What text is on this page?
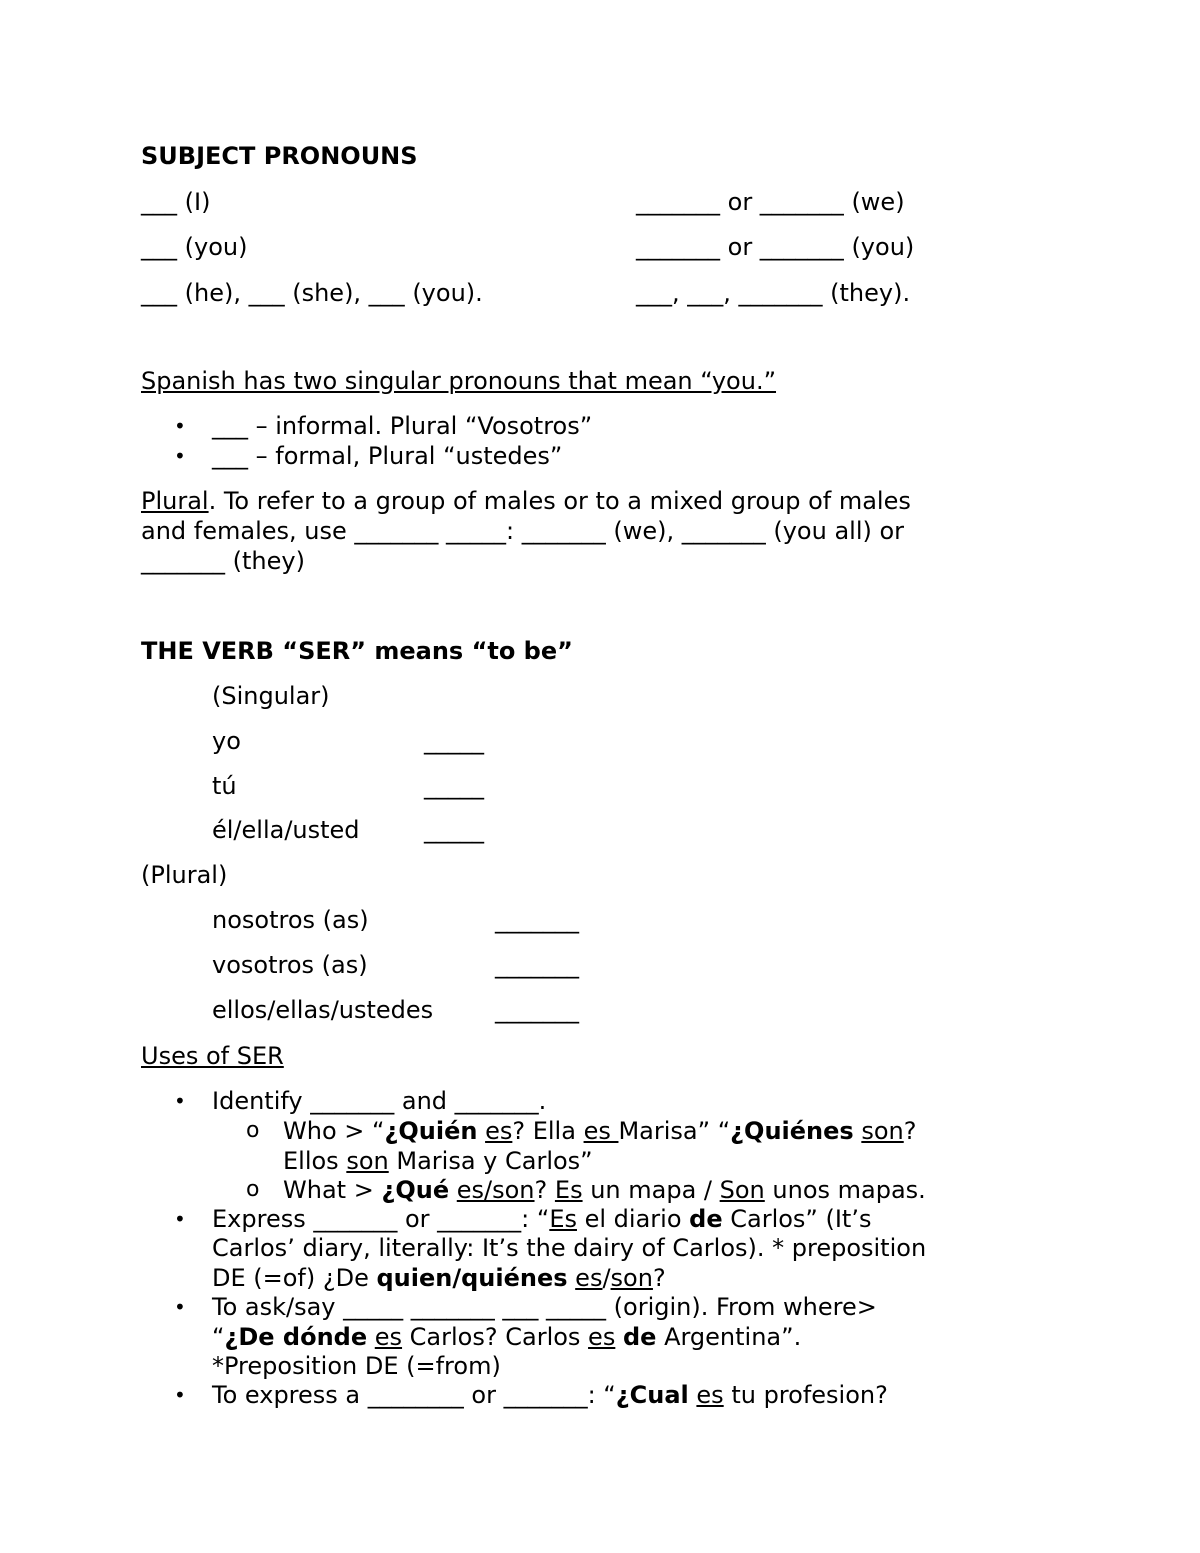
SUBJECT PRONOUNS
___ (I)	_______ or _______ (we)
___ (you)	_______ or _______ (you)
___ (he), ___ (she), ___ (you).	___, ___, _______ (they).
Spanish has two singular pronouns that mean “you.”
• ___ – informal. Plural “Vosotros”
• ___ – formal, Plural “ustedes”
Plural. To refer to a group of males or to a mixed group of males
and females, use _______ _____: _______ (we), _______ (you all) or
_______ (they)
THE VERB “SER” means “to be”
(Singular)
yo	_____
tú	_____
él/ella/usted	_____
(Plural)
nosotros (as)	_______
vosotros (as)	_______
ellos/ellas/ustedes	_______
Uses of SER
• Identify _______ and _______.
o Who > “¿Quién es? Ella es Marisa” “¿Quiénes son?
Ellos son Marisa y Carlos”
o What > ¿Qué es/son? Es un mapa / Son unos mapas.
• Express _______ or _______: “Es el diario de Carlos” (It’s
Carlos’ diary, literally: It’s the dairy of Carlos). * preposition
DE (=of) ¿De quien/quiénes es/son?
• To ask/say _____ _______ ___ _____ (origin). From where>
“¿De dónde es Carlos? Carlos es de Argentina”.
*Preposition DE (=from)
• To express a ________ or _______: “¿Cual es tu profesion?
